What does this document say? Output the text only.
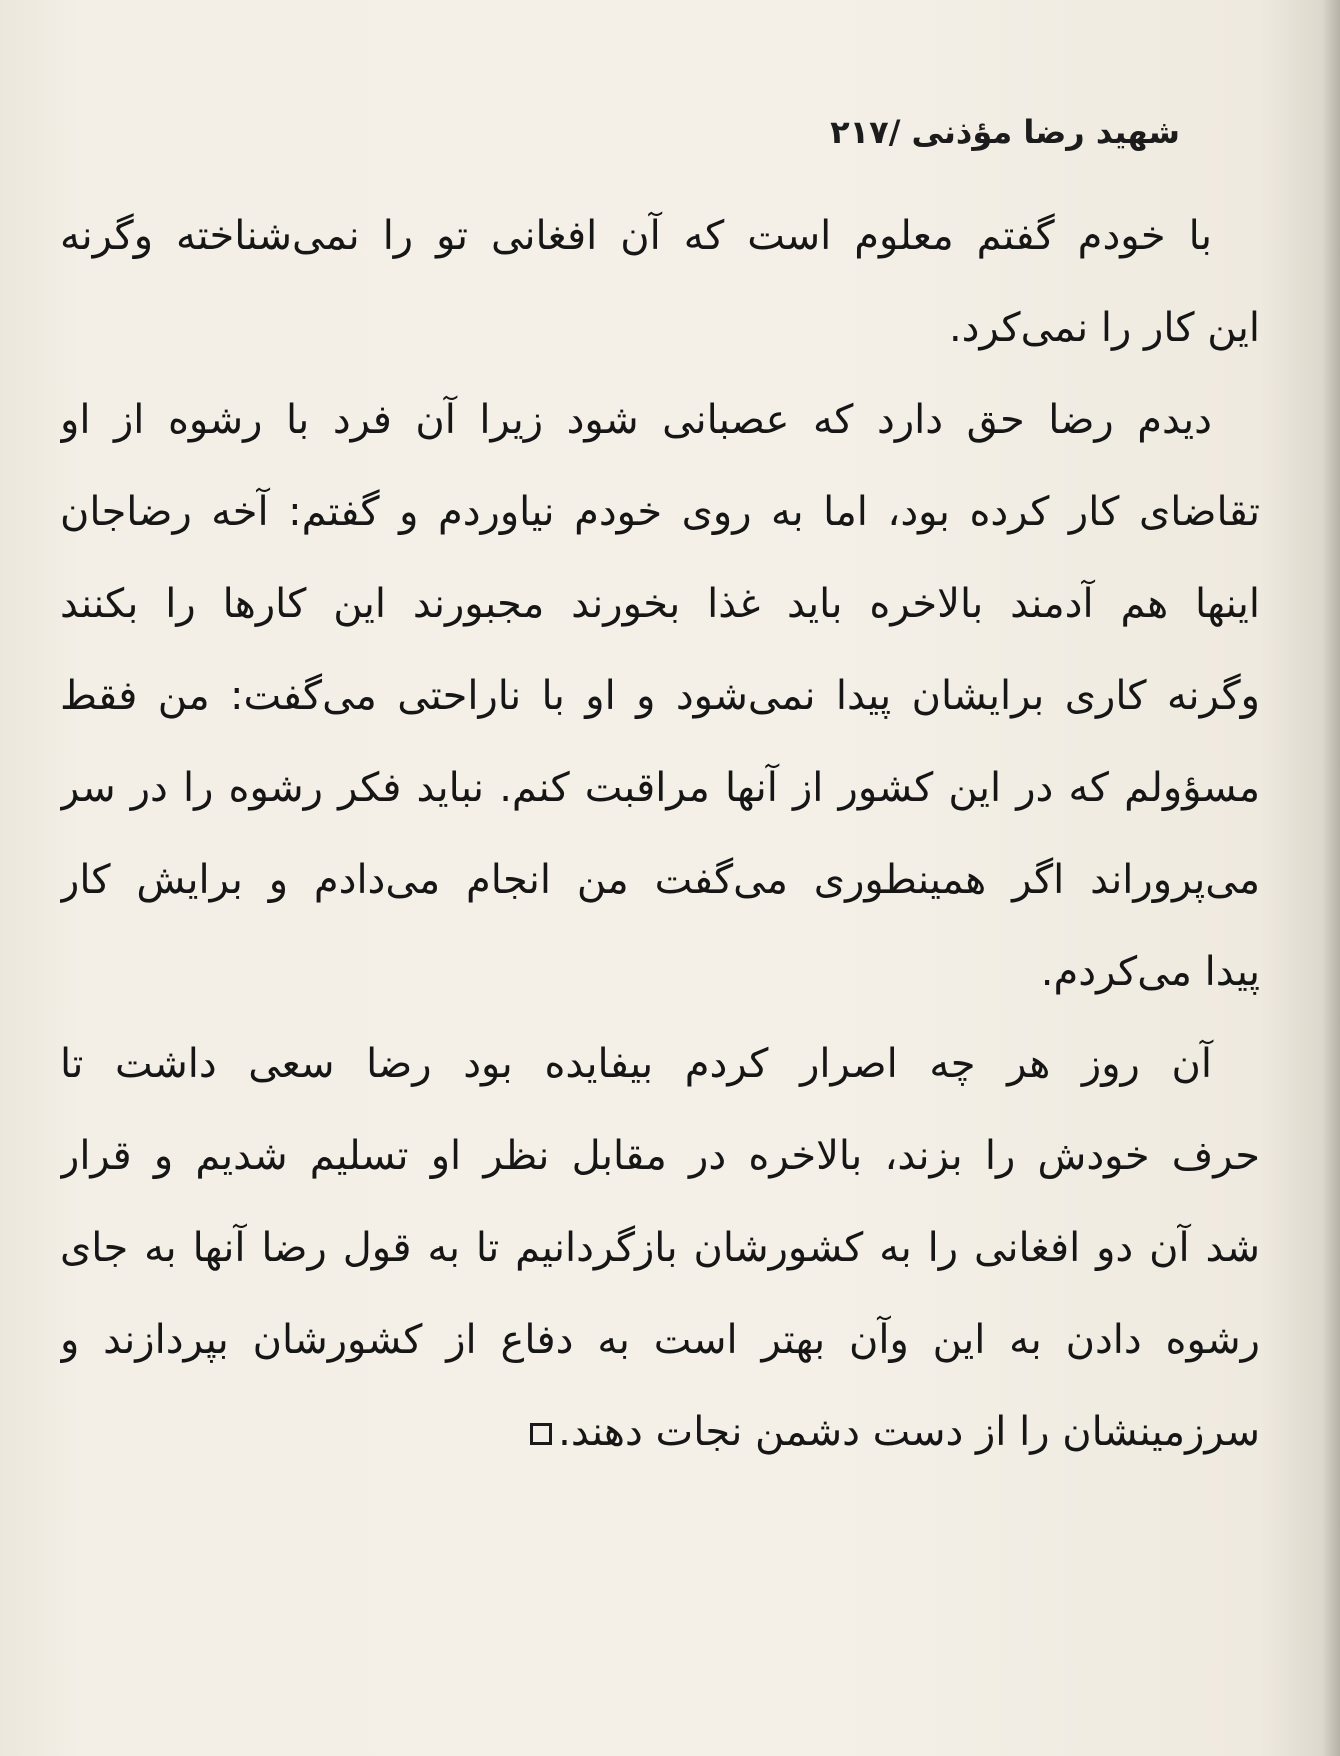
شهید رضا مؤذنی /۲۱۷
با خودم گفتم معلوم است که آن افغانی تو را نمی‌شناخته وگرنه
این کار را نمی‌کرد.
دیدم رضا حق دارد که عصبانی شود زیرا آن فرد با رشوه از او
تقاضای کار کرده بود، اما به روی خودم نیاوردم و گفتم: آخه رضاجان
اینها هم آدمند بالاخره باید غذا بخورند مجبورند این کارها را بکنند
وگرنه کاری برایشان پیدا نمی‌شود و او با ناراحتی می‌گفت: من فقط
مسؤولم که در این کشور از آنها مراقبت کنم. نباید فکر رشوه را در سر
می‌پروراند اگر همینطوری می‌گفت من انجام می‌دادم و برایش کار
پیدا می‌کردم.
آن روز هر چه اصرار کردم بیفایده بود رضا سعی داشت تا
حرف خودش را بزند، بالاخره در مقابل نظر او تسلیم شدیم و قرار
شد آن دو افغانی را به کشورشان بازگردانیم تا به قول رضا آنها به جای
رشوه دادن به این وآن بهتر است به دفاع از کشورشان بپردازند و
سرزمینشان را از دست دشمن نجات دهند.
